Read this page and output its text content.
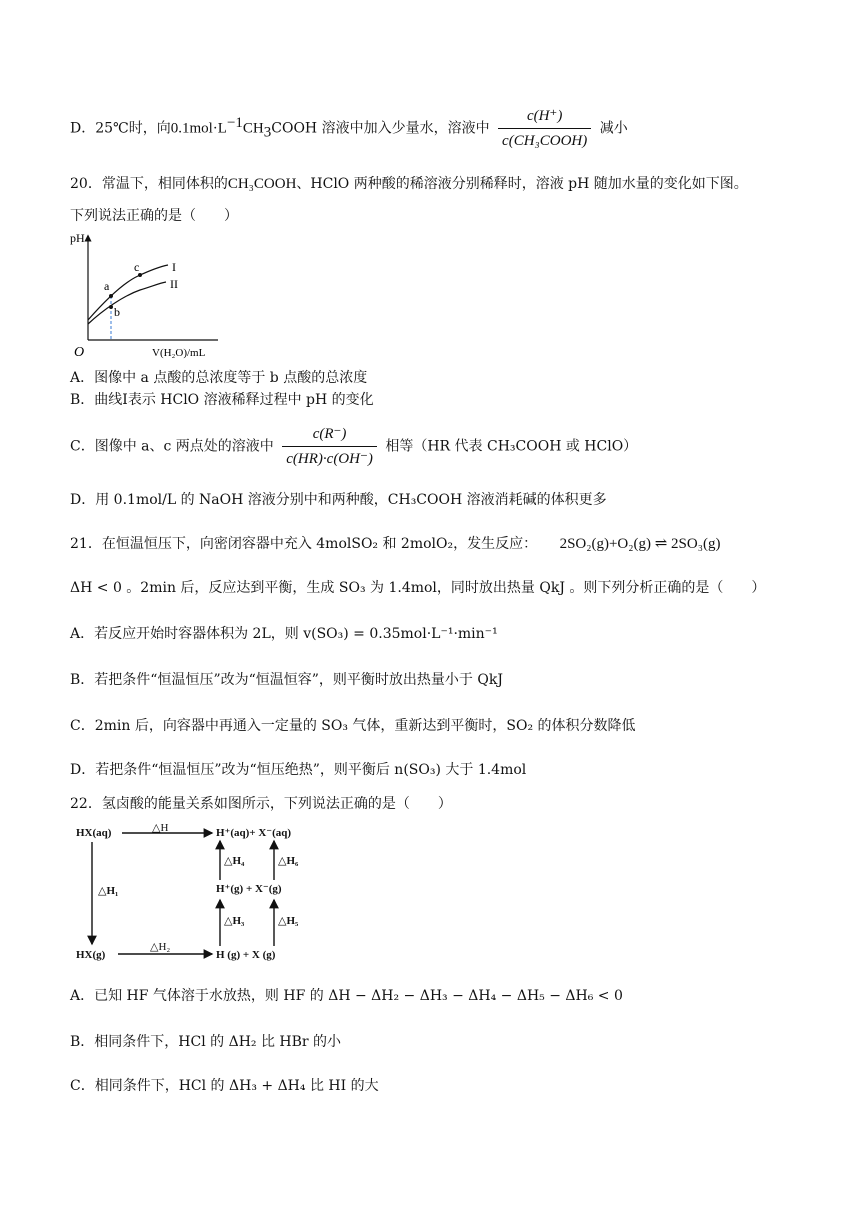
D．25℃时，向$0.1mol\cdot L^{-1}CH_3COOH$ 溶液中加入少量水，溶液中
c(H⁺)
c(CH₃COOH)
减小
20．常温下，相同体积的CH₃COOH、HClO 两种酸的稀溶液分别稀释时，溶液 pH 随加水量的变化如下图。
下列说法正确的是（　　）
pH
O	V(H₂O)/mL
I
II
a
b
c
A．图像中 a 点酸的总浓度等于 b 点酸的总浓度
B．曲线Ⅰ表示 HClO 溶液稀释过程中 pH 的变化
C．图像中 a、c 两点处的溶液中 $\frac{c(R^-)}{c(HR)\cdot c(OH^-)}$ 相等（HR 代表 CH₃COOH 或 HClO）
D．用 0.1mol/L 的 NaOH 溶液分别中和两种酸，CH₃COOH 溶液消耗碱的体积更多
21．在恒温恒压下，向密闭容器中充入 4molSO₂ 和 2molO₂，发生反应： 2SO₂(g)+O₂(g) ⇌ 2SO₃(g)
ΔH < 0 。2min 后，反应达到平衡，生成 SO₃ 为 1.4mol，同时放出热量 QkJ 。则下列分析正确的是（　　）
A．若反应开始时容器体积为 2L，则 v(SO₃) = 0.35mol·L⁻¹·min⁻¹
B．若把条件“恒温恒压”改为“恒温恒容”，则平衡时放出热量小于 QkJ
C．2min 后，向容器中再通入一定量的 SO₃ 气体，重新达到平衡时，SO₂ 的体积分数降低
D．若把条件“恒温恒压”改为“恒压绝热”，则平衡后 n(SO₃) 大于 1.4mol
22．氢卤酸的能量关系如图所示，下列说法正确的是（　　）
HX(aq)	△H	H⁺(aq)+ X⁻(aq)
△H₄	△H₆
△H₁	H⁺(g) + X⁻(g)
△H₃	△H₅
HX(g)
△H₂
H (g) + X (g)
A．已知 HF 气体溶于水放热，则 HF 的 ΔH − ΔH₂ − ΔH₃ − ΔH₄ − ΔH₅ − ΔH₆ < 0
B．相同条件下，HCl 的 ΔH₂ 比 HBr 的小
C．相同条件下，HCl 的 ΔH₃ + ΔH₄ 比 HI 的大
